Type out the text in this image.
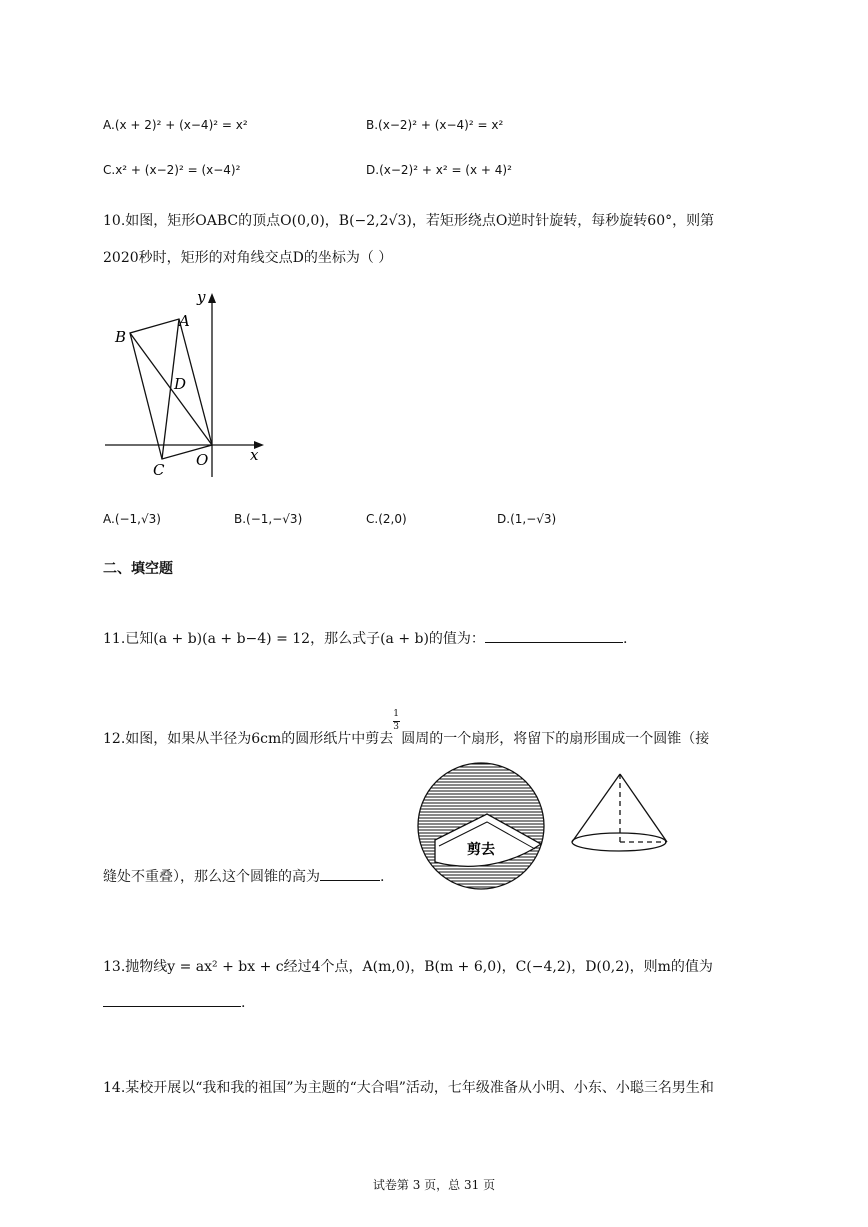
A.(x + 2)² + (x−4)² = x²	B.(x−2)² + (x−4)² = x²
C.x² + (x−2)² = (x−4)²	D.(x−2)² + x² = (x + 4)²
10.如图，矩形OABC的顶点O(0,0)，B(−2,2√3)，若矩形绕点O逆时针旋转，每秒旋转60°，则第
2020秒时，矩形的对角线交点D的坐标为（ ）
y
x
A
B
C
D
O
A.(−1,√3)	B.(−1,−√3)	C.(2,0)	D.(1,−√3)
二、填空题
11.已知(a + b)(a + b−4) = 12，那么式子(a + b)的值为：	.
12.如图，如果从半径为6cm的圆形纸片中剪去 $\frac{1}{3}$ 圆周的一个扇形，将留下的扇形围成一个圆锥（接
剪去
缝处不重叠），那么这个圆锥的高为	.
13.抛物线y = ax² + bx + c经过4个点，A(m,0)，B(m + 6,0)，C(−4,2)，D(0,2)，则m的值为
.
14.某校开展以“我和我的祖国”为主题的“大合唱”活动，七年级准备从小明、小东、小聪三名男生和
试卷第 3 页，总 31 页
